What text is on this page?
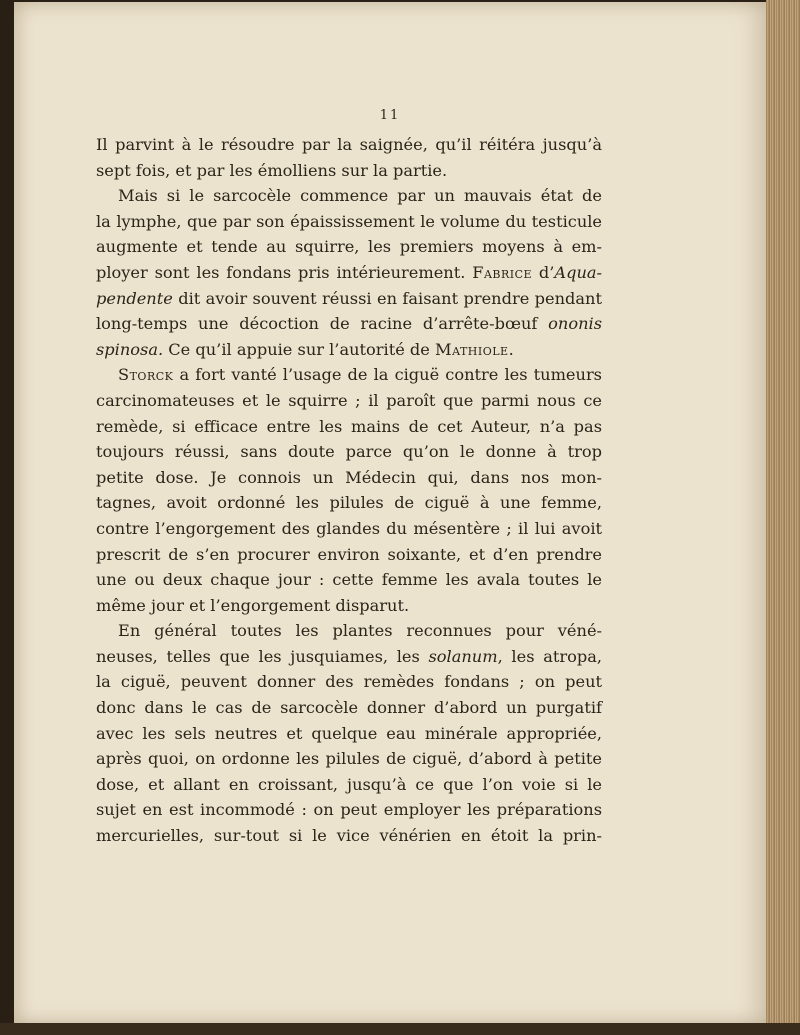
11
Il parvint à le résoudre par la saignée, qu’il réitéra jusqu’à
sept fois, et par les émolliens sur la partie.
Mais si le sarcocèle commence par un mauvais état de
la lymphe, que par son épaississement le volume du testicule
augmente et tende au squirre, les premiers moyens à em-
ployer sont les fondans pris intérieurement. Fabrice d’Aqua-
pendente dit avoir souvent réussi en faisant prendre pendant
long-temps une décoction de racine d’arrête-bœuf ononis
spinosa. Ce qu’il appuie sur l’autorité de Mathiole.
Storck a fort vanté l’usage de la ciguë contre les tumeurs
carcinomateuses et le squirre ; il paroît que parmi nous ce
remède, si efficace entre les mains de cet Auteur, n’a pas
toujours réussi, sans doute parce qu’on le donne à trop
petite dose. Je connois un Médecin qui, dans nos mon-
tagnes, avoit ordonné les pilules de ciguë à une femme,
contre l’engorgement des glandes du mésentère ; il lui avoit
prescrit de s’en procurer environ soixante, et d’en prendre
une ou deux chaque jour : cette femme les avala toutes le
même jour et l’engorgement disparut.
En général toutes les plantes reconnues pour véné-
neuses, telles que les jusquiames, les solanum, les atropa,
la ciguë, peuvent donner des remèdes fondans ; on peut
donc dans le cas de sarcocèle donner d’abord un purgatif
avec les sels neutres et quelque eau minérale appropriée,
après quoi, on ordonne les pilules de ciguë, d’abord à petite
dose, et allant en croissant, jusqu’à ce que l’on voie si le
sujet en est incommodé : on peut employer les préparations
mercurielles, sur-tout si le vice vénérien en étoit la prin-
